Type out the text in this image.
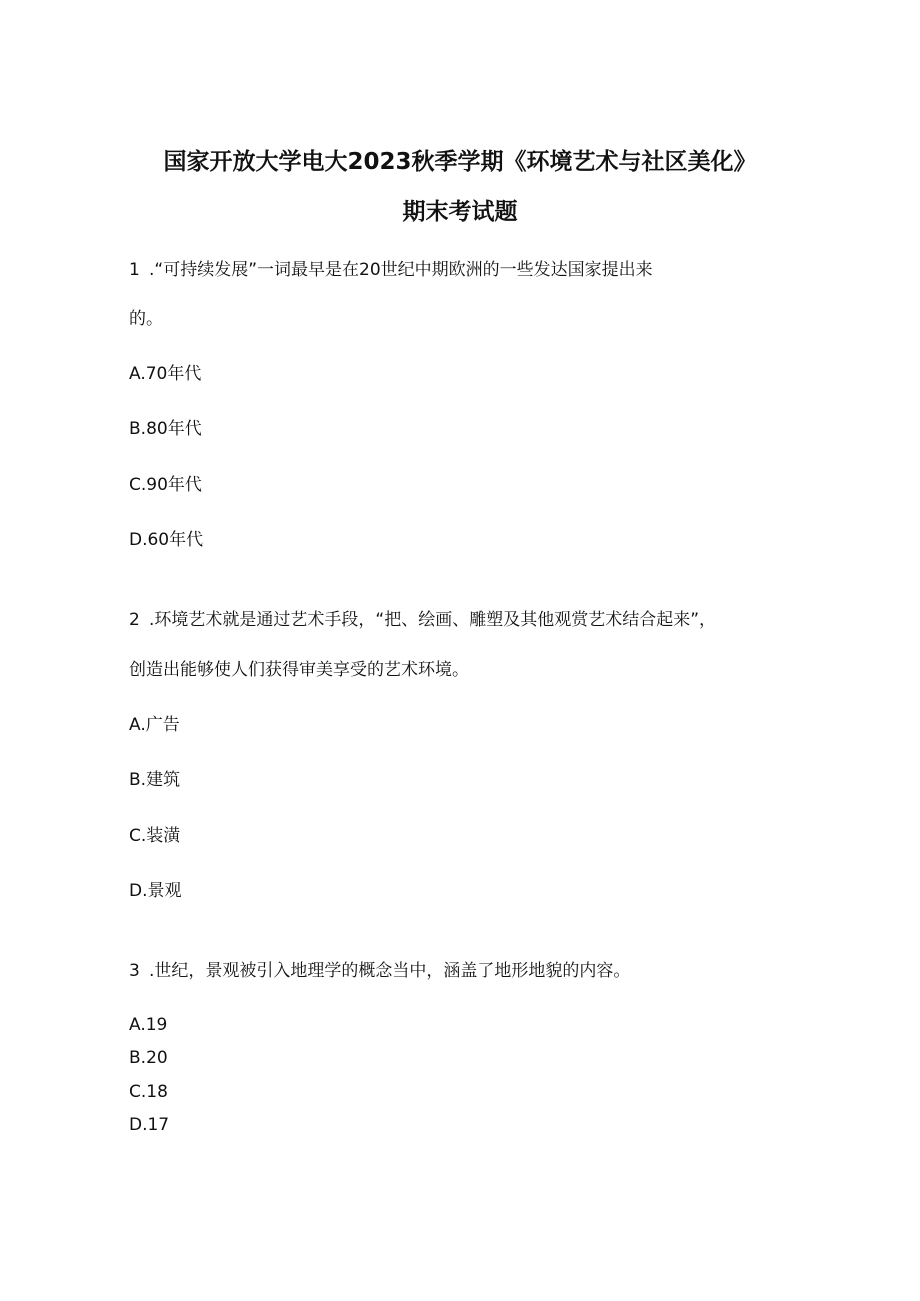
国家开放大学电大2023秋季学期《环境艺术与社区美化》
期末考试题
1 .“可持续发展”一词最早是在20世纪中期欧洲的一些发达国家提出来
的。
A.70年代
B.80年代
C.90年代
D.60年代
2 .环境艺术就是通过艺术手段，“把、绘画、雕塑及其他观赏艺术结合起来”，
创造出能够使人们获得审美享受的艺术环境。
A.广告
B.建筑
C.装潢
D.景观
3 .世纪，景观被引入地理学的概念当中，涵盖了地形地貌的内容。
A.19
B.20
C.18
D.17
